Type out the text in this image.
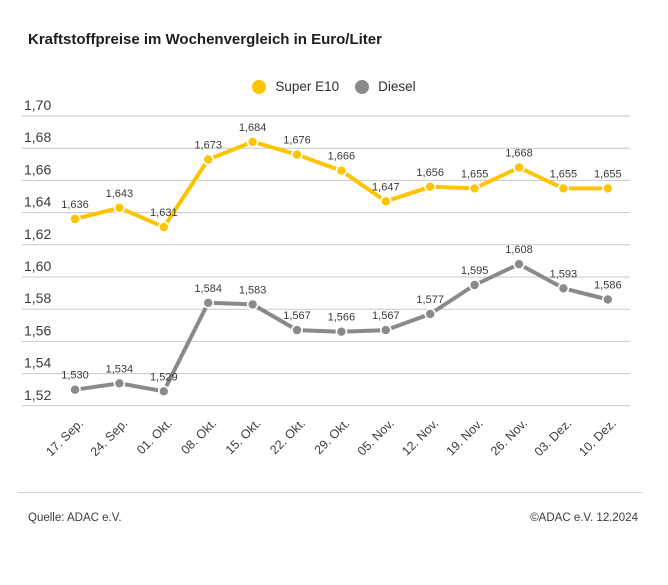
Kraftstoffpreise im Wochenvergleich in Euro/Liter
Super E10	Diesel
1,70
1,68
1,66
1,64
1,62
1,60
1,58
1,56
1,54
1,52
17. Sep. 24. Sep. 01. Okt. 08. Okt. 15. Okt. 22. Okt. 29. Okt. 05. Nov. 12. Nov. 19. Nov. 26. Nov. 03. Dez. 10. Dez.
1,636
1,643
1,631
1,673
1,684
1,676
1,666
1,647
1,656 1,655
1,668
1,655 1,655
1,530
1,534
1,529
1,584 1,583
1,567 1,566 1,567
1,577
1,595
1,608
1,593
1,586
Quelle: ADAC e.V.	©ADAC e.V. 12.2024
